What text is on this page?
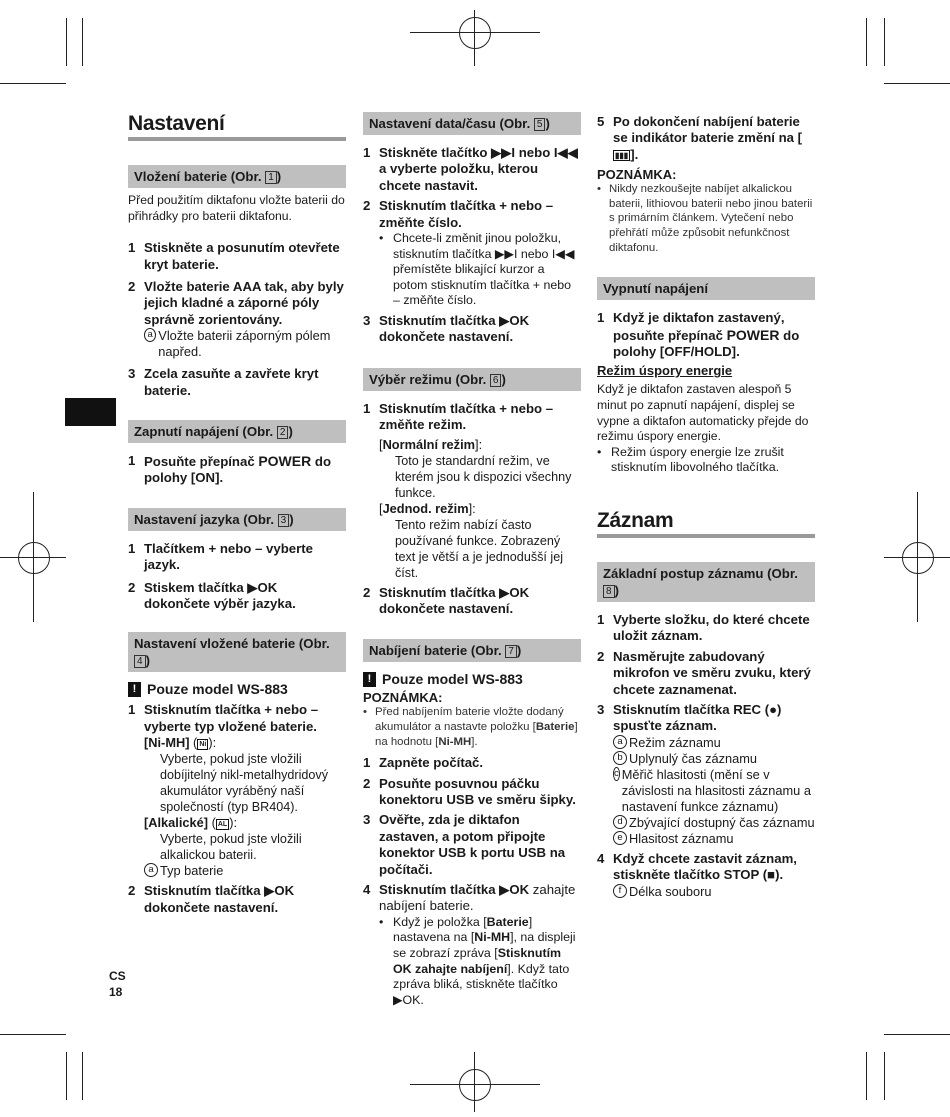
CS
18
Nastavení
Vložení baterie (Obr. 1 )

Před použitím diktafonu vložte baterii do přihrádky pro baterii diktafonu.

1 Stiskněte a posunutím otevřete kryt baterie.
2 Vložte baterie AAA tak, aby byly jejich kladné a záporné póly správně zorientovány.
a Vložte baterii záporným pólem napřed.
3 Zcela zasuňte a zavřete kryt baterie.
Zapnutí napájení (Obr. 2 )
1 Posuňte přepínač POWER do polohy [ON].
Nastavení jazyka (Obr. 3 )
1 Tlačítkem + nebo – vyberte jazyk.
2 Stiskem tlačítka ▶OK dokončete výběr jazyka.
Nastavení vložené baterie (Obr. 4 )
! Pouze model WS-883
1 Stisknutím tlačítka + nebo – vyberte typ vložené baterie.
[Ni-MH] ( Ni ):
Vyberte, pokud jste vložili dobíjitelný nikl-metalhydridový akumulátor vyráběný naší společností (typ BR404).
[Alkalické] ( AL ):
Vyberte, pokud jste vložili alkalickou baterii.
a Typ baterie
2 Stisknutím tlačítka ▶OK dokončete nastavení.
Nastavení data/času (Obr. 5 )
1 Stiskněte tlačítko ▶▶I nebo I◀◀ a vyberte položku, kterou chcete nastavit.
2 Stisknutím tlačítka + nebo – změňte číslo.
• Chcete-li změnit jinou položku, stisknutím tlačítka ▶▶I nebo I◀◀ přemístěte blikající kurzor a potom stisknutím tlačítka + nebo – změňte číslo.
3 Stisknutím tlačítka ▶OK dokončete nastavení.
Výběr režimu (Obr. 6 )
1 Stisknutím tlačítka + nebo – změňte režim.
[Normální režim]:
Toto je standardní režim, ve kterém jsou k dispozici všechny funkce.
[Jednod. režim]:
Tento režim nabízí často používané funkce. Zobrazený text je větší a je jednodušší jej číst.
2 Stisknutím tlačítka ▶OK dokončete nastavení.
Nabíjení baterie (Obr. 7 )
! Pouze model WS-883
POZNÁMKA:
• Před nabíjením baterie vložte dodaný akumulátor a nastavte položku [Baterie] na hodnotu [Ni-MH].
1 Zapněte počítač.
2 Posuňte posuvnou páčku konektoru USB ve směru šipky.
3 Ověřte, zda je diktafon zastaven, a potom připojte konektor USB k portu USB na počítači.
4 Stisknutím tlačítka ▶OK zahajte nabíjení baterie.
• Když je položka [Baterie] nastavena na [Ni-MH], na displeji se zobrazí zpráva [Stisknutím OK zahajte nabíjení]. Když tato zpráva bliká, stiskněte tlačítko ▶OK.
5 Po dokončení nabíjení baterie se indikátor baterie změní na [▮▮▮ ].
POZNÁMKA:
• Nikdy nezkoušejte nabíjet alkalickou baterii, lithiovou baterii nebo jinou baterii s primárním článkem. Vytečení nebo přehřátí může způsobit nefunkčnost diktafonu.
Vypnutí napájení
1 Když je diktafon zastavený, posuňte přepínač POWER do polohy [OFF/HOLD].
Režim úspory energie

Když je diktafon zastaven alespoň 5 minut po zapnutí napájení, displej se vypne a diktafon automaticky přejde do režimu úspory energie.

• Režim úspory energie lze zrušit stisknutím libovolného tlačítka.
Záznam
Základní postup záznamu (Obr. 8 )
1 Vyberte složku, do které chcete uložit záznam.
2 Nasměrujte zabudovaný mikrofon ve směru zvuku, který chcete zaznamenat.
3 Stisknutím tlačítka REC (●) spusťte záznam.
a Režim záznamu
b Uplynulý čas záznamu
c Měřič hlasitosti (mění se v závislosti na hlasitosti záznamu a nastavení funkce záznamu)
d Zbývající dostupný čas záznamu
e Hlasitost záznamu
4 Když chcete zastavit záznam, stiskněte tlačítko STOP (■).
f Délka souboru
